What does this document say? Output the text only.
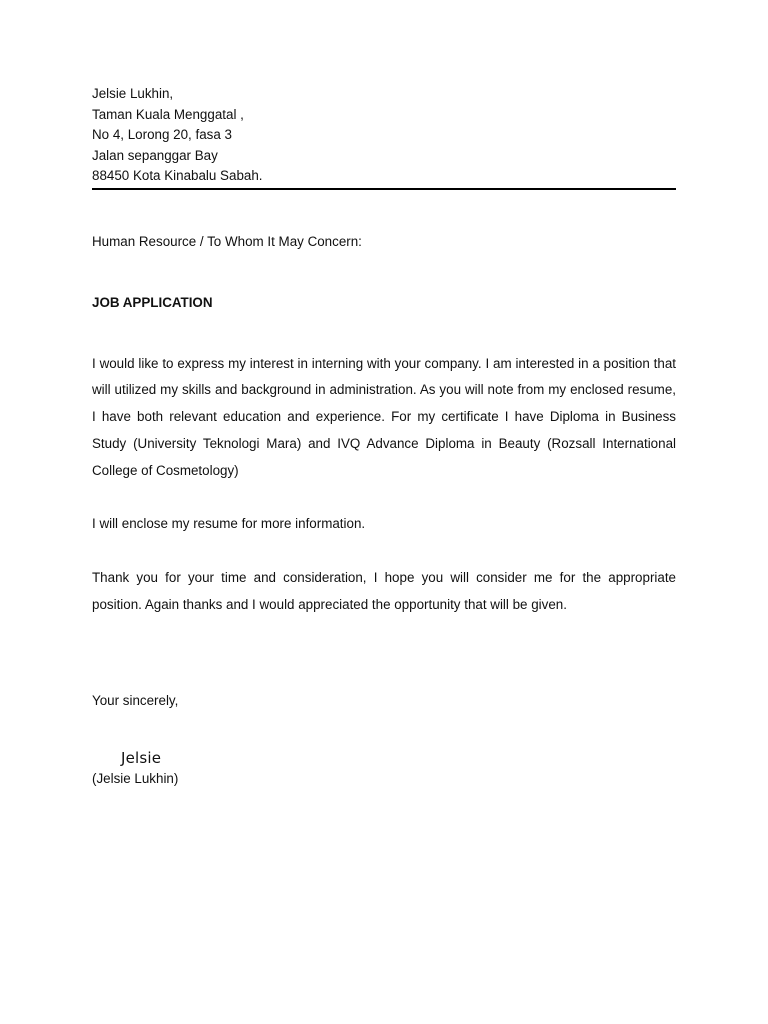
Jelsie Lukhin,
Taman Kuala Menggatal ,
No 4, Lorong 20, fasa 3
Jalan sepanggar Bay
88450 Kota Kinabalu Sabah.
Human Resource / To Whom It May Concern:
JOB APPLICATION
I would like to express my interest in interning with your company. I am interested in a position that will utilized my skills and background in administration. As you will note from my enclosed resume, I have both relevant education and experience. For my certificate I have Diploma in Business Study (University Teknologi Mara) and IVQ Advance Diploma in Beauty (Rozsall International College of Cosmetology)
I will enclose my resume for more information.
Thank you for your time and consideration, I hope you will consider me for the appropriate position. Again thanks and I would appreciated the opportunity that will be given.
Your sincerely,
Jelsie
(Jelsie Lukhin)
